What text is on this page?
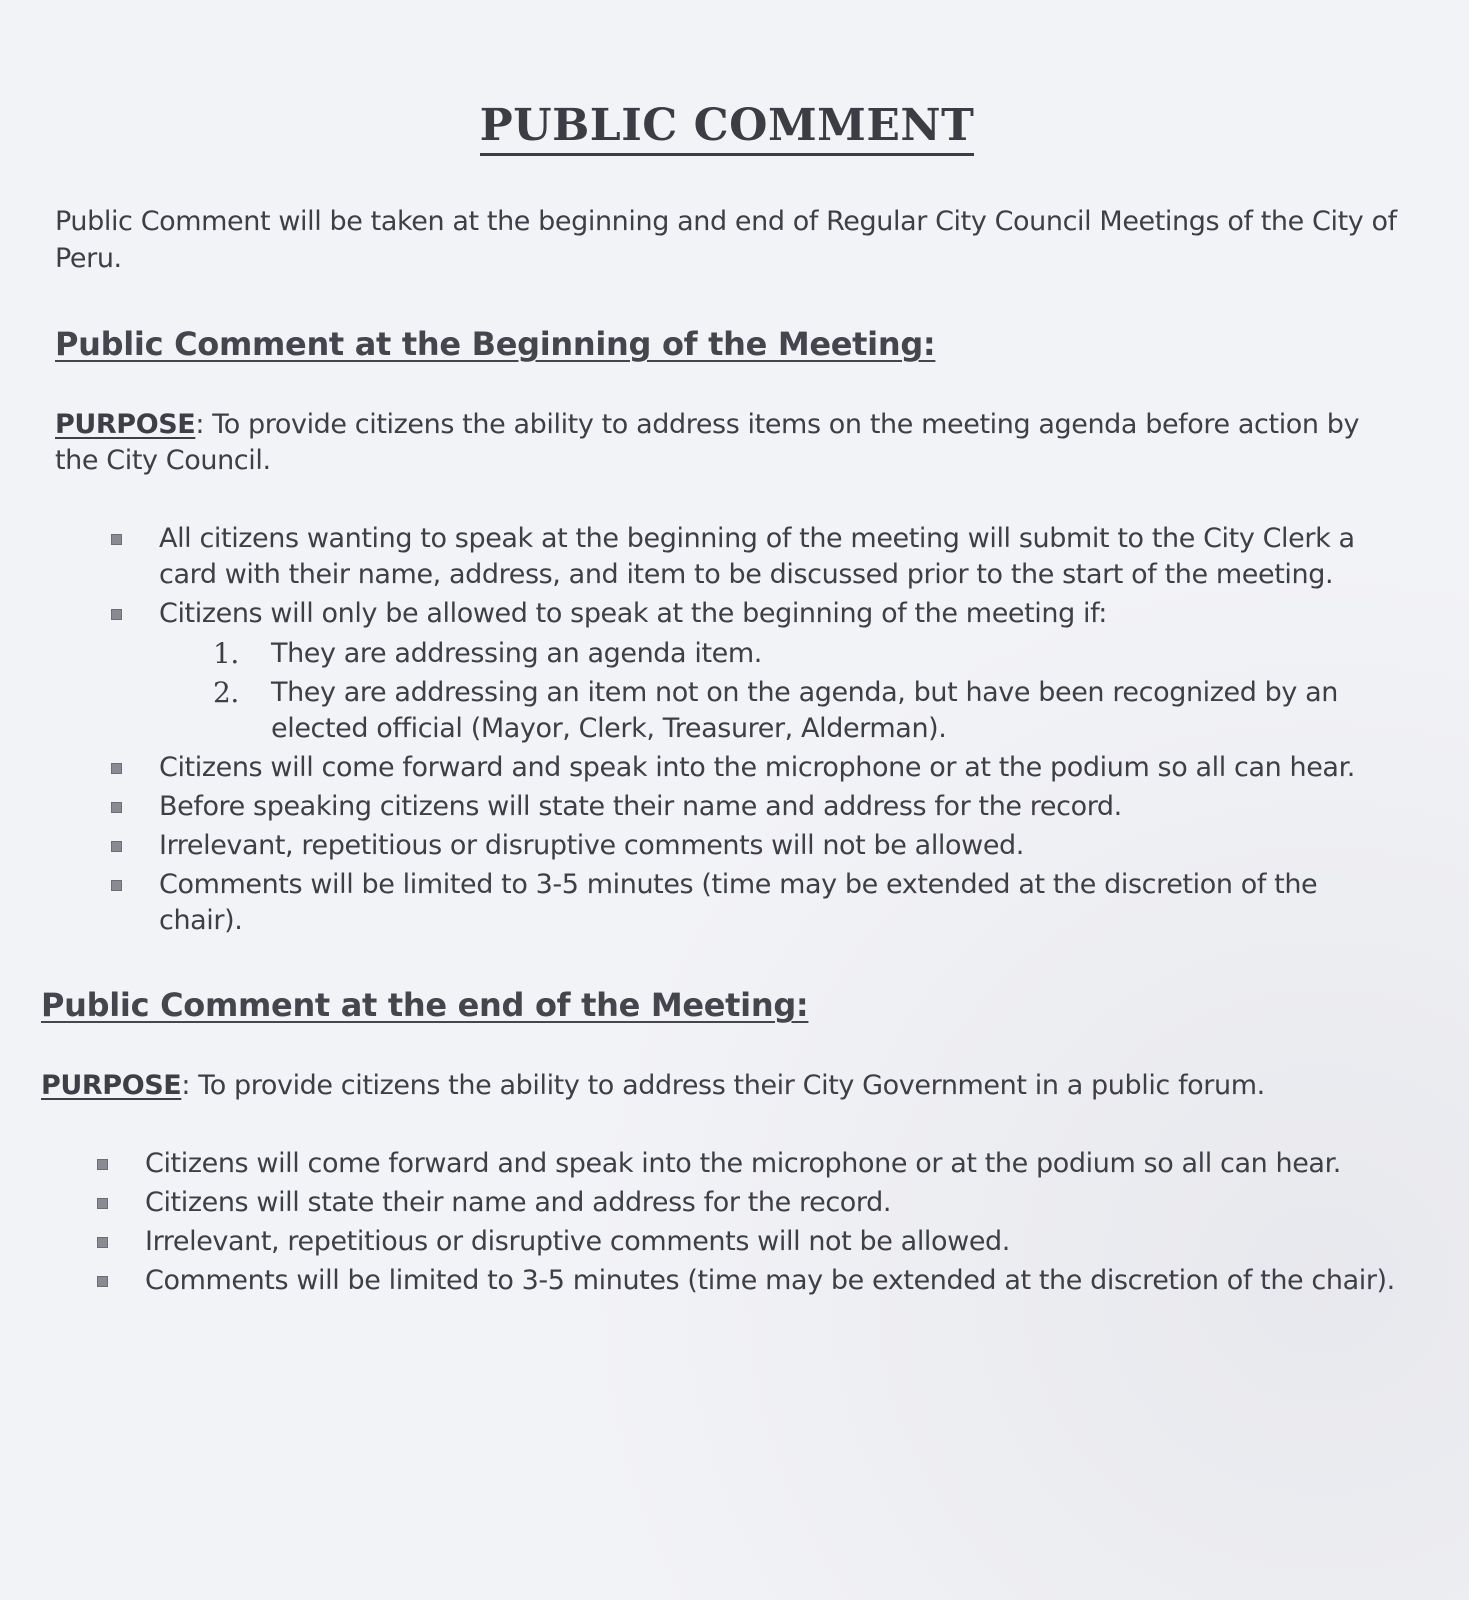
PUBLIC COMMENT

Public Comment will be taken at the beginning and end of Regular City Council Meetings of the City of Peru.

Public Comment at the Beginning of the Meeting:

PURPOSE: To provide citizens the ability to address items on the meeting agenda before action by the City Council.

All citizens wanting to speak at the beginning of the meeting will submit to the City Clerk a card with their name, address, and item to be discussed prior to the start of the meeting.
Citizens will only be allowed to speak at the beginning of the meeting if:
1. They are addressing an agenda item.
2. They are addressing an item not on the agenda, but have been recognized by an elected official (Mayor, Clerk, Treasurer, Alderman).
Citizens will come forward and speak into the microphone or at the podium so all can hear.
Before speaking citizens will state their name and address for the record.
Irrelevant, repetitious or disruptive comments will not be allowed.
Comments will be limited to 3-5 minutes (time may be extended at the discretion of the chair).
Public Comment at the end of the Meeting:

PURPOSE: To provide citizens the ability to address their City Government in a public forum.

Citizens will come forward and speak into the microphone or at the podium so all can hear.
Citizens will state their name and address for the record.
Irrelevant, repetitious or disruptive comments will not be allowed.
Comments will be limited to 3-5 minutes (time may be extended at the discretion of the chair).
